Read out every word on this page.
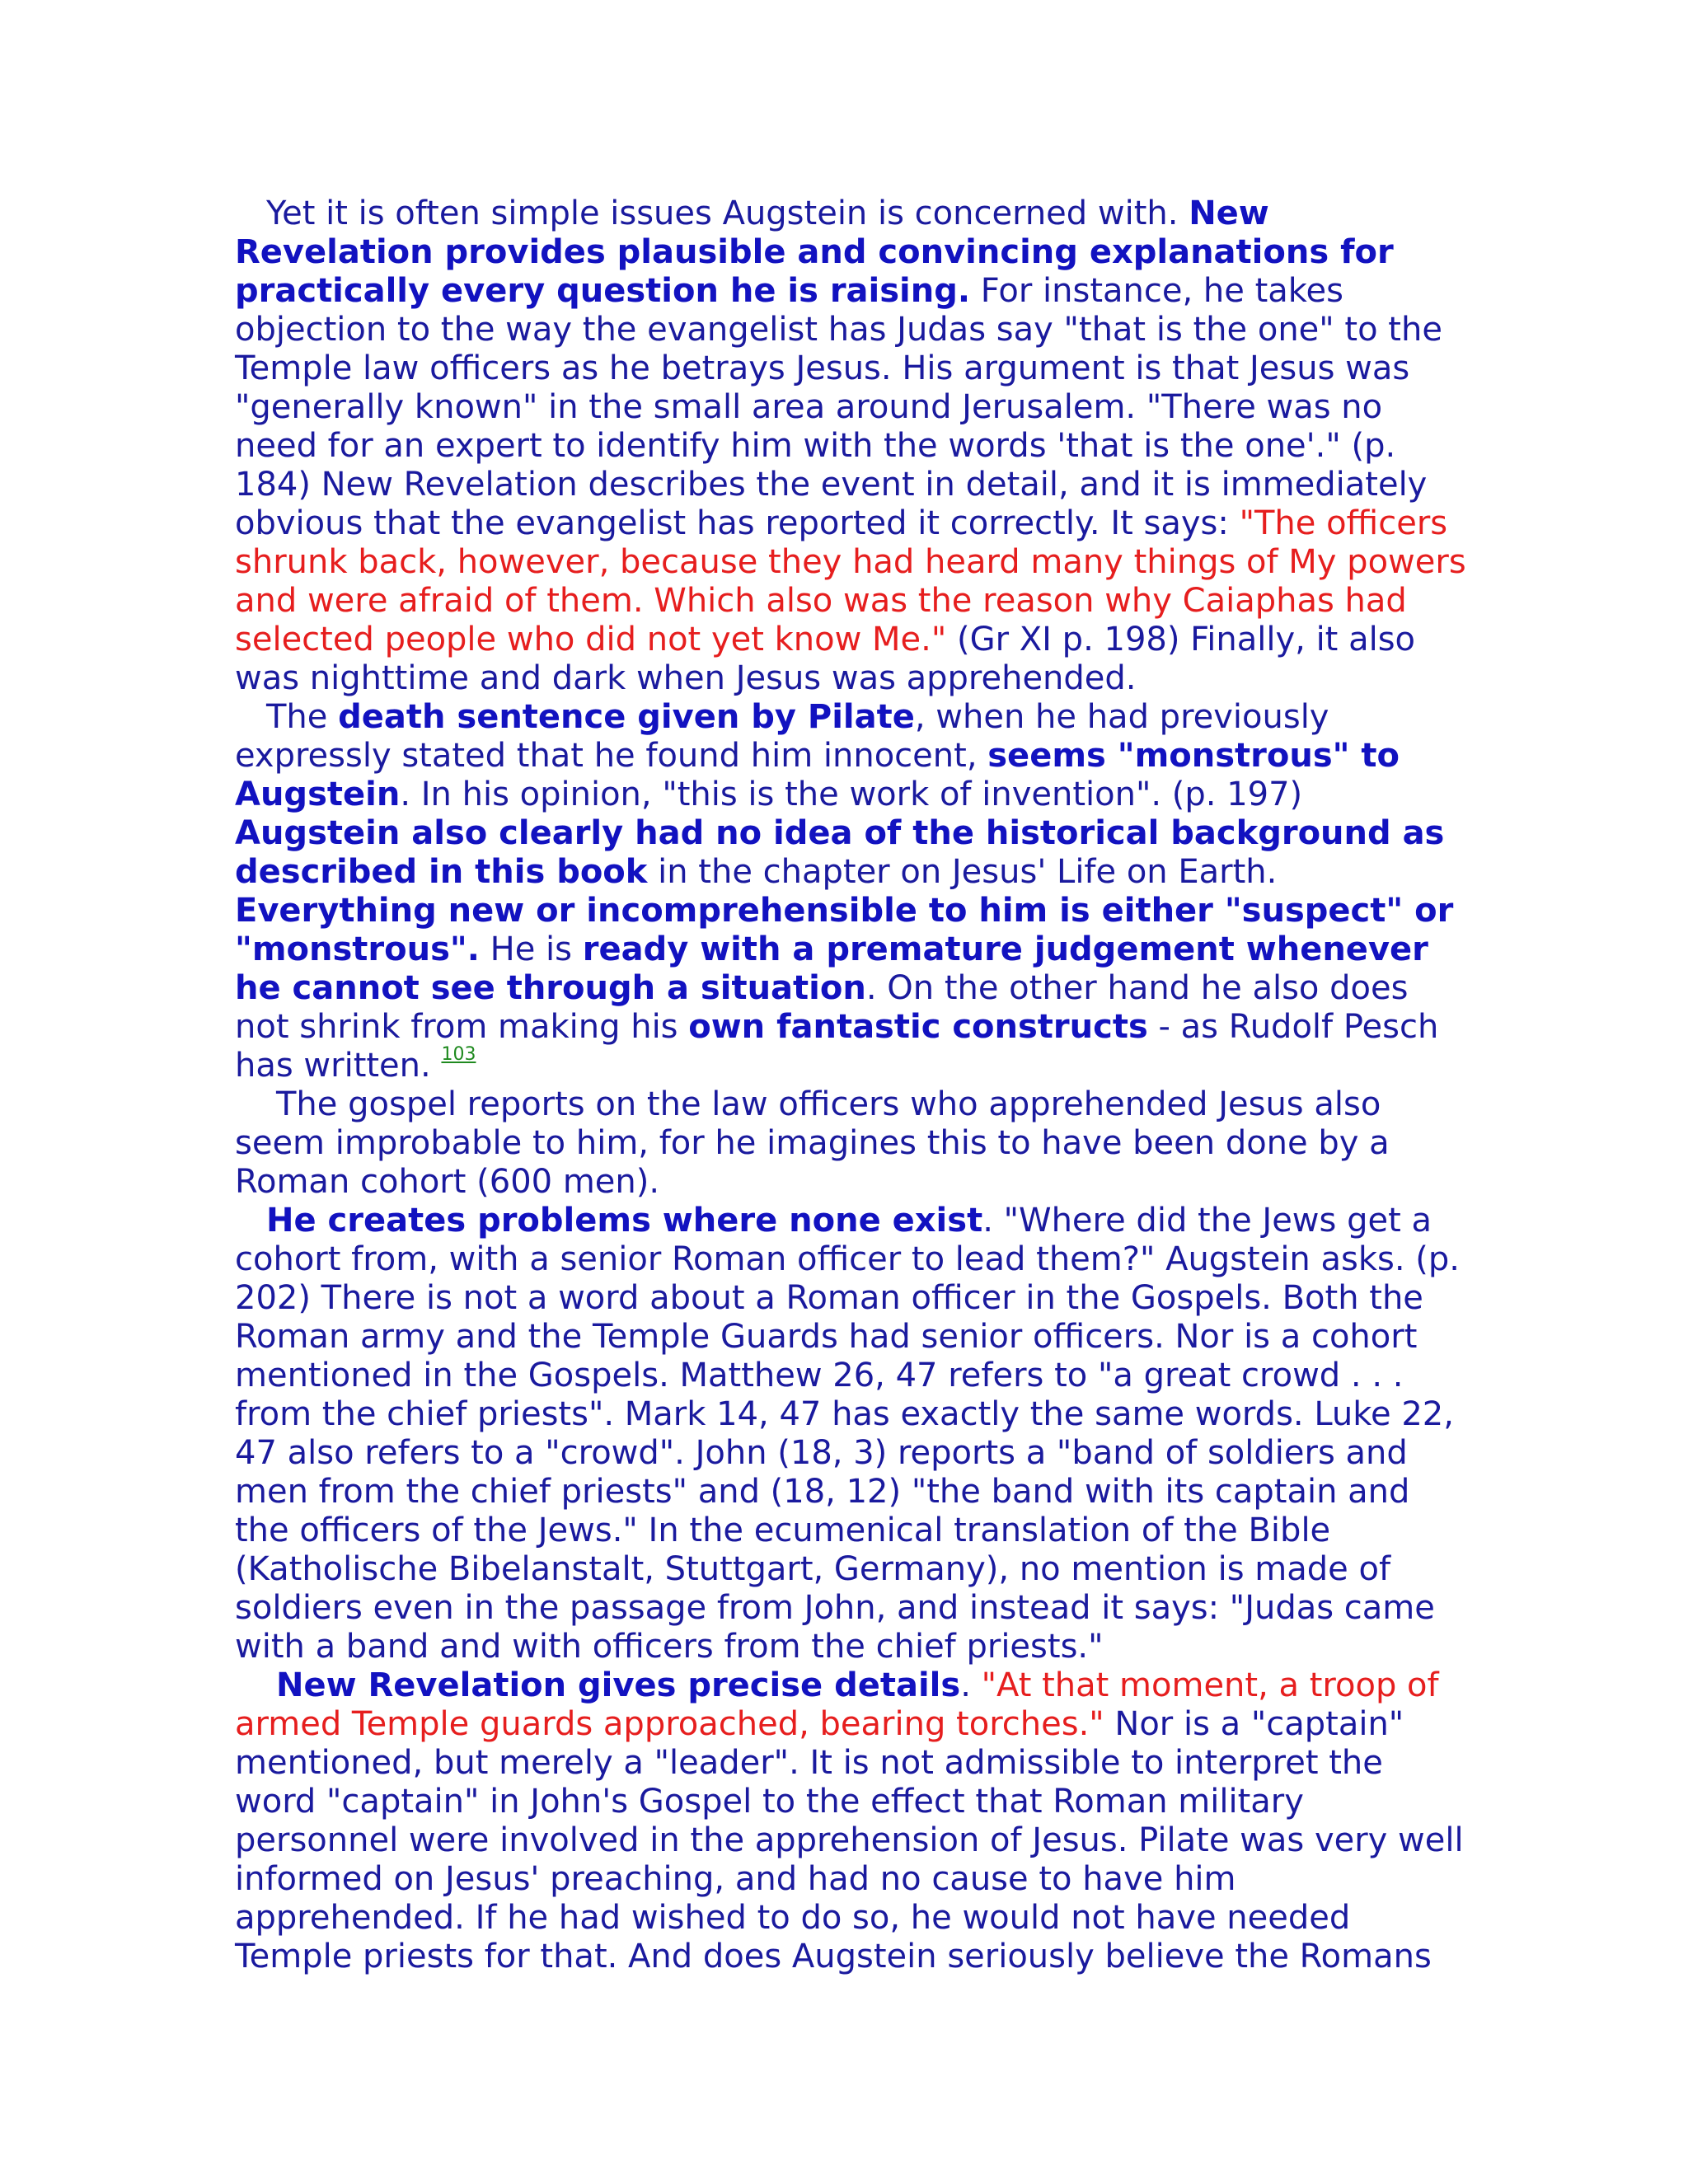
Yet it is often simple issues Augstein is concerned with. New Revelation provides plausible and convincing explanations for practically every question he is raising. For instance, he takes objection to the way the evangelist has Judas say "that is the one" to the Temple law officers as he betrays Jesus. His argument is that Jesus was "generally known" in the small area around Jerusalem. "There was no need for an expert to identify him with the words 'that is the one'." (p. 184) New Revelation describes the event in detail, and it is immediately obvious that the evangelist has reported it correctly. It says: "The officers shrunk back, however, because they had heard many things of My powers and were afraid of them. Which also was the reason why Caiaphas had selected people who did not yet know Me." (Gr XI p. 198) Finally, it also was nighttime and dark when Jesus was apprehended.

The death sentence given by Pilate, when he had previously expressly stated that he found him innocent, seems "monstrous" to Augstein. In his opinion, "this is the work of invention". (p. 197) Augstein also clearly had no idea of the historical background as described in this book in the chapter on Jesus' Life on Earth. Everything new or incomprehensible to him is either "suspect" or "monstrous". He is ready with a premature judgement whenever he cannot see through a situation. On the other hand he also does not shrink from making his own fantastic constructs - as Rudolf Pesch has written. $^{103}$

The gospel reports on the law officers who apprehended Jesus also seem improbable to him, for he imagines this to have been done by a Roman cohort (600 men).

He creates problems where none exist. "Where did the Jews get a cohort from, with a senior Roman officer to lead them?" Augstein asks. (p. 202) There is not a word about a Roman officer in the Gospels. Both the Roman army and the Temple Guards had senior officers. Nor is a cohort mentioned in the Gospels. Matthew 26, 47 refers to "a great crowd . . . from the chief priests". Mark 14, 47 has exactly the same words. Luke 22, 47 also refers to a "crowd". John (18, 3) reports a "band of soldiers and men from the chief priests" and (18, 12) "the band with its captain and the officers of the Jews." In the ecumenical translation of the Bible (Katholische Bibelanstalt, Stuttgart, Germany), no mention is made of soldiers even in the passage from John, and instead it says: "Judas came with a band and with officers from the chief priests."

New Revelation gives precise details. "At that moment, a troop of armed Temple guards approached, bearing torches." Nor is a "captain" mentioned, but merely a "leader". It is not admissible to interpret the word "captain" in John's Gospel to the effect that Roman military personnel were involved in the apprehension of Jesus. Pilate was very well informed on Jesus' preaching, and had no cause to have him apprehended. If he had wished to do so, he would not have needed Temple priests for that. And does Augstein seriously believe the Romans
